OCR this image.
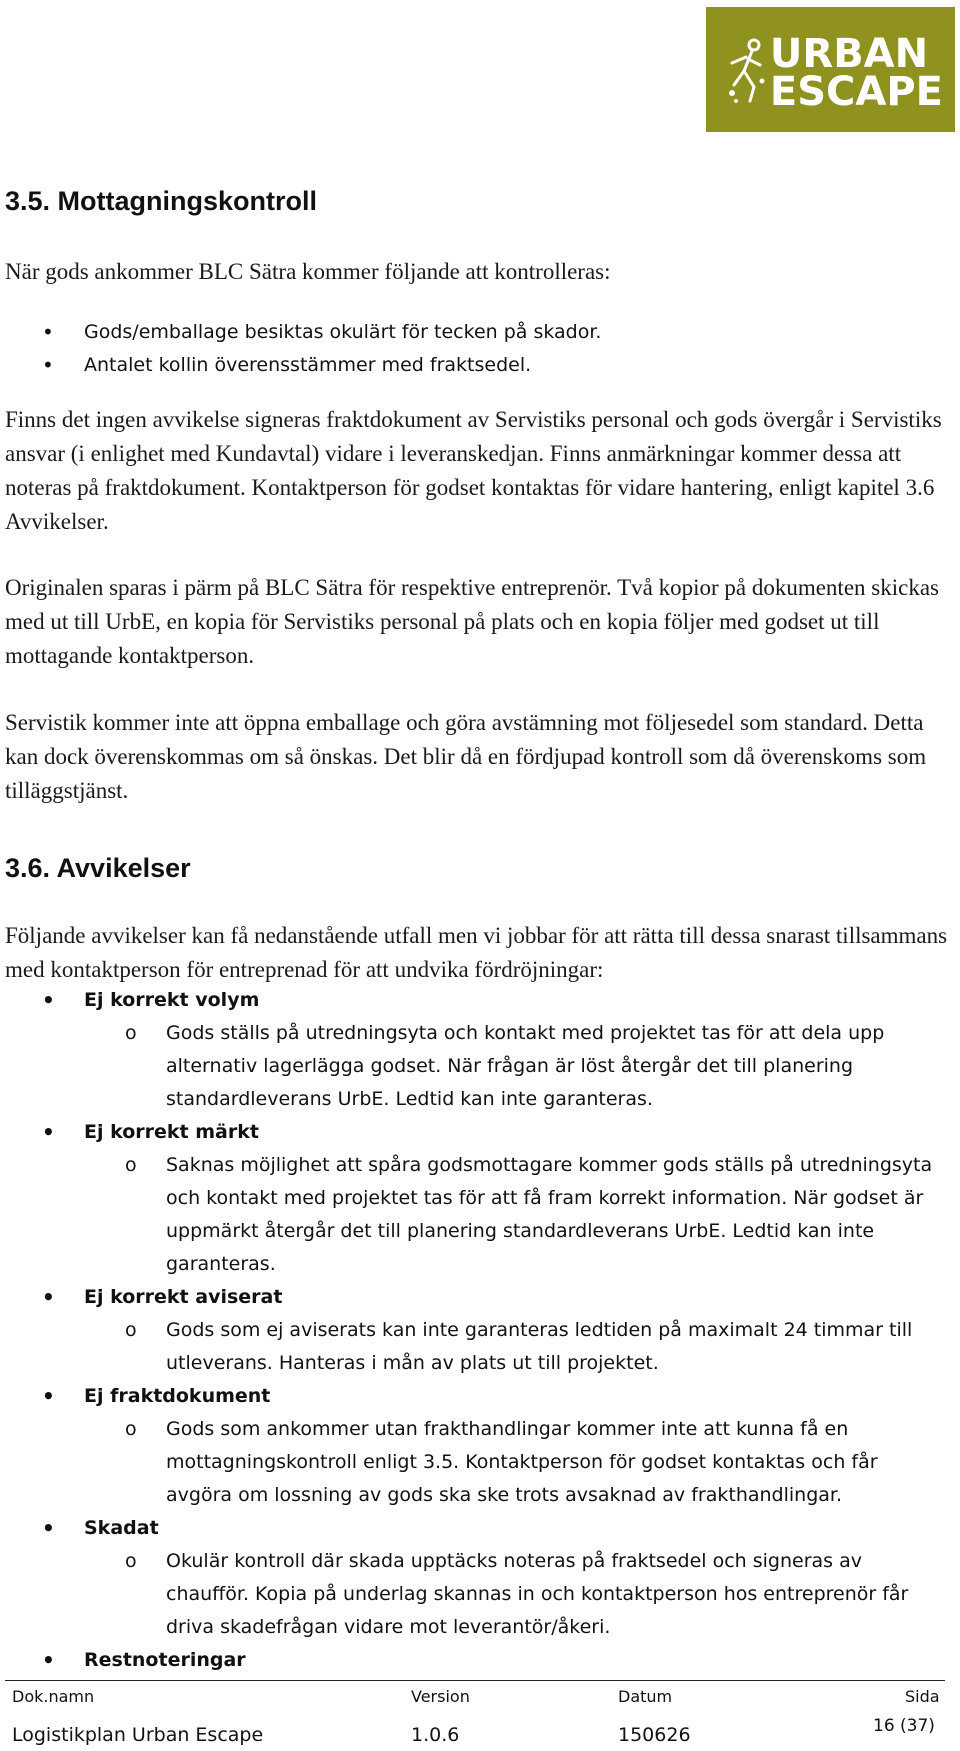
URBAN
ESCAPE
3.5. Mottagningskontroll

När gods ankommer BLC Sätra kommer följande att kontrolleras:

• Gods/emballage besiktas okulärt för tecken på skador.
• Antalet kollin överensstämmer med fraktsedel.

Finns det ingen avvikelse signeras fraktdokument av Servistiks personal och gods övergår i Servistiks ansvar (i enlighet med Kundavtal) vidare i leveranskedjan. Finns anmärkningar kommer dessa att noteras på fraktdokument. Kontaktperson för godset kontaktas för vidare hantering, enligt kapitel 3.6 Avvikelser.

Originalen sparas i pärm på BLC Sätra för respektive entreprenör. Två kopior på dokumenten skickas med ut till UrbE, en kopia för Servistiks personal på plats och en kopia följer med godset ut till mottagande kontaktperson.

Servistik kommer inte att öppna emballage och göra avstämning mot följesedel som standard. Detta kan dock överenskommas om så önskas. Det blir då en fördjupad kontroll som då överenskoms som tilläggstjänst.

3.6. Avvikelser

Följande avvikelser kan få nedanstående utfall men vi jobbar för att rätta till dessa snarast tillsammans med kontaktperson för entreprenad för att undvika fördröjningar:

• Ej korrekt volym
o Gods ställs på utredningsyta och kontakt med projektet tas för att dela upp alternativ lagerlägga godset. När frågan är löst återgår det till planering standardleverans UrbE. Ledtid kan inte garanteras.
• Ej korrekt märkt
o Saknas möjlighet att spåra godsmottagare kommer gods ställs på utredningsyta och kontakt med projektet tas för att få fram korrekt information. När godset är uppmärkt återgår det till planering standardleverans UrbE. Ledtid kan inte garanteras.
• Ej korrekt aviserat
o Gods som ej aviserats kan inte garanteras ledtiden på maximalt 24 timmar till utleverans. Hanteras i mån av plats ut till projektet.
• Ej fraktdokument
o Gods som ankommer utan frakthandlingar kommer inte att kunna få en mottagningskontroll enligt 3.5. Kontaktperson för godset kontaktas och får avgöra om lossning av gods ska ske trots avsaknad av frakthandlingar.
• Skadat
o Okulär kontroll där skada upptäcks noteras på fraktsedel och signeras av chaufför. Kopia på underlag skannas in och kontaktperson hos entreprenör får driva skadefrågan vidare mot leverantör/åkeri.
• Restnoteringar
Dok.namn	Version	Datum	Sida
Logistikplan Urban Escape	1.0.6	150626	16 (37)
